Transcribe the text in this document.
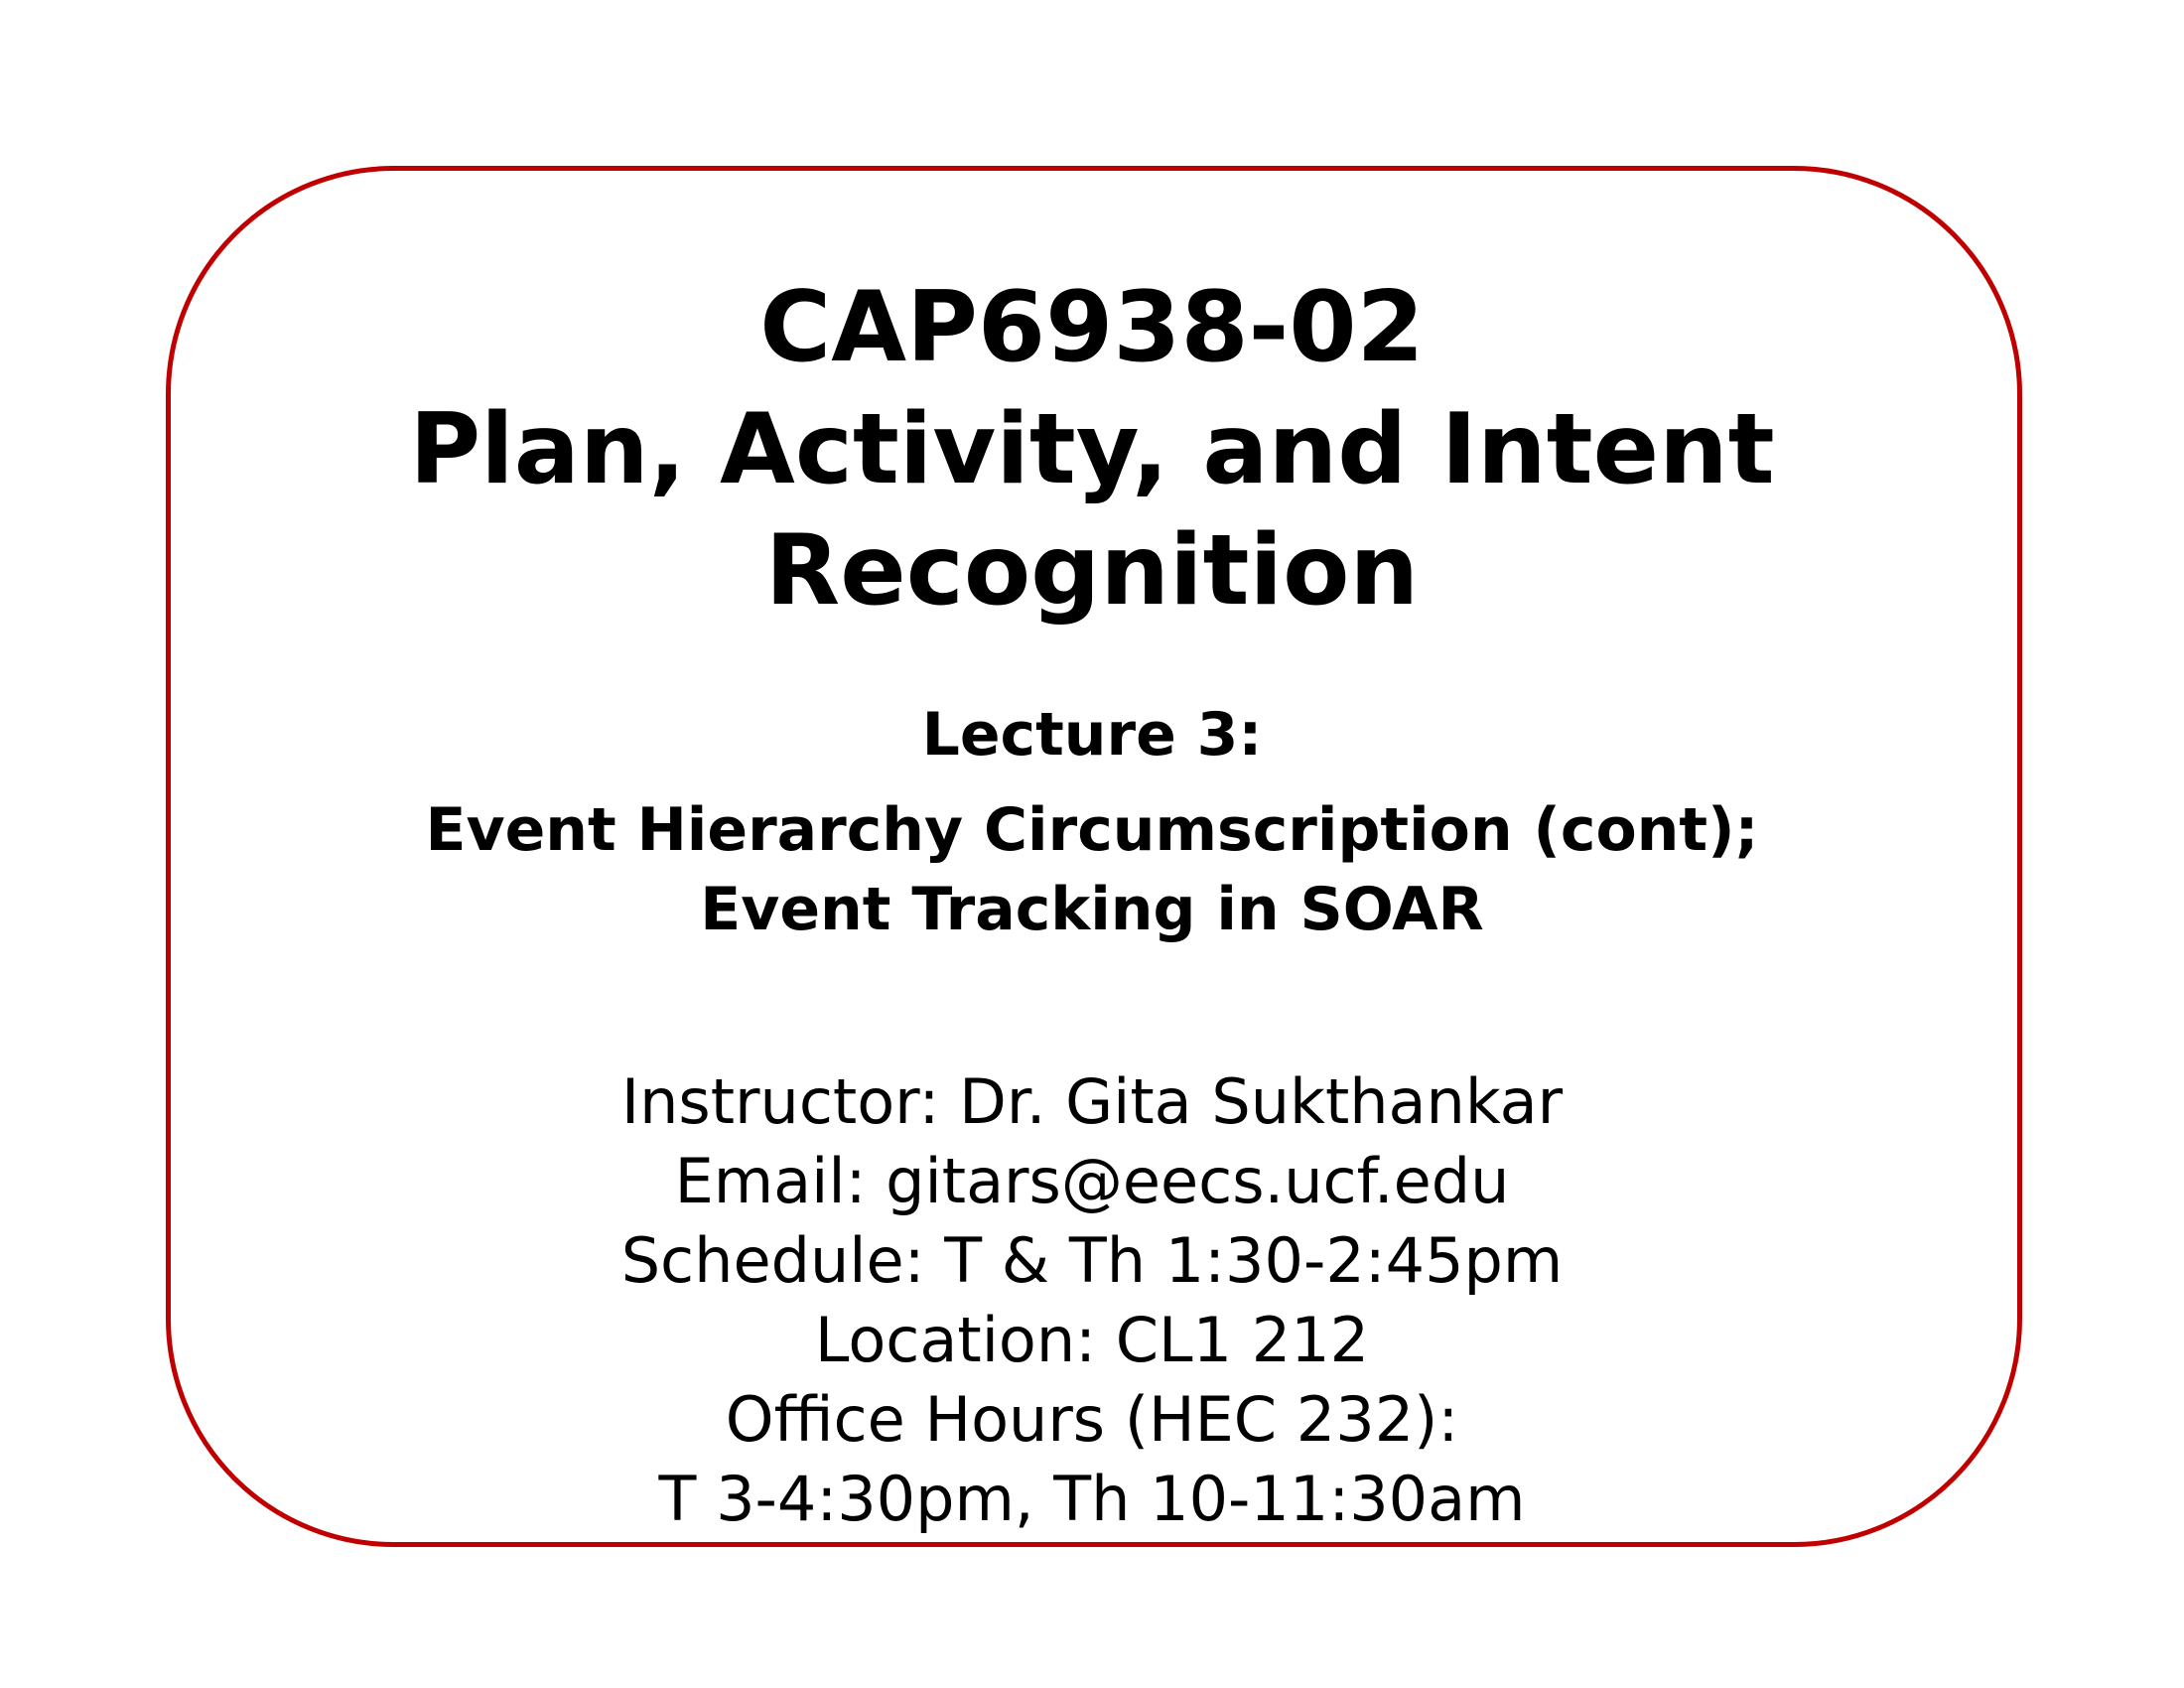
CAP6938-02
Plan, Activity, and Intent
Recognition
Lecture 3:
Event Hierarchy Circumscription (cont);
Event Tracking in SOAR
Instructor: Dr. Gita Sukthankar
Email: gitars@eecs.ucf.edu
Schedule: T & Th 1:30-2:45pm
Location: CL1 212
Office Hours (HEC 232):
T 3-4:30pm, Th 10-11:30am
